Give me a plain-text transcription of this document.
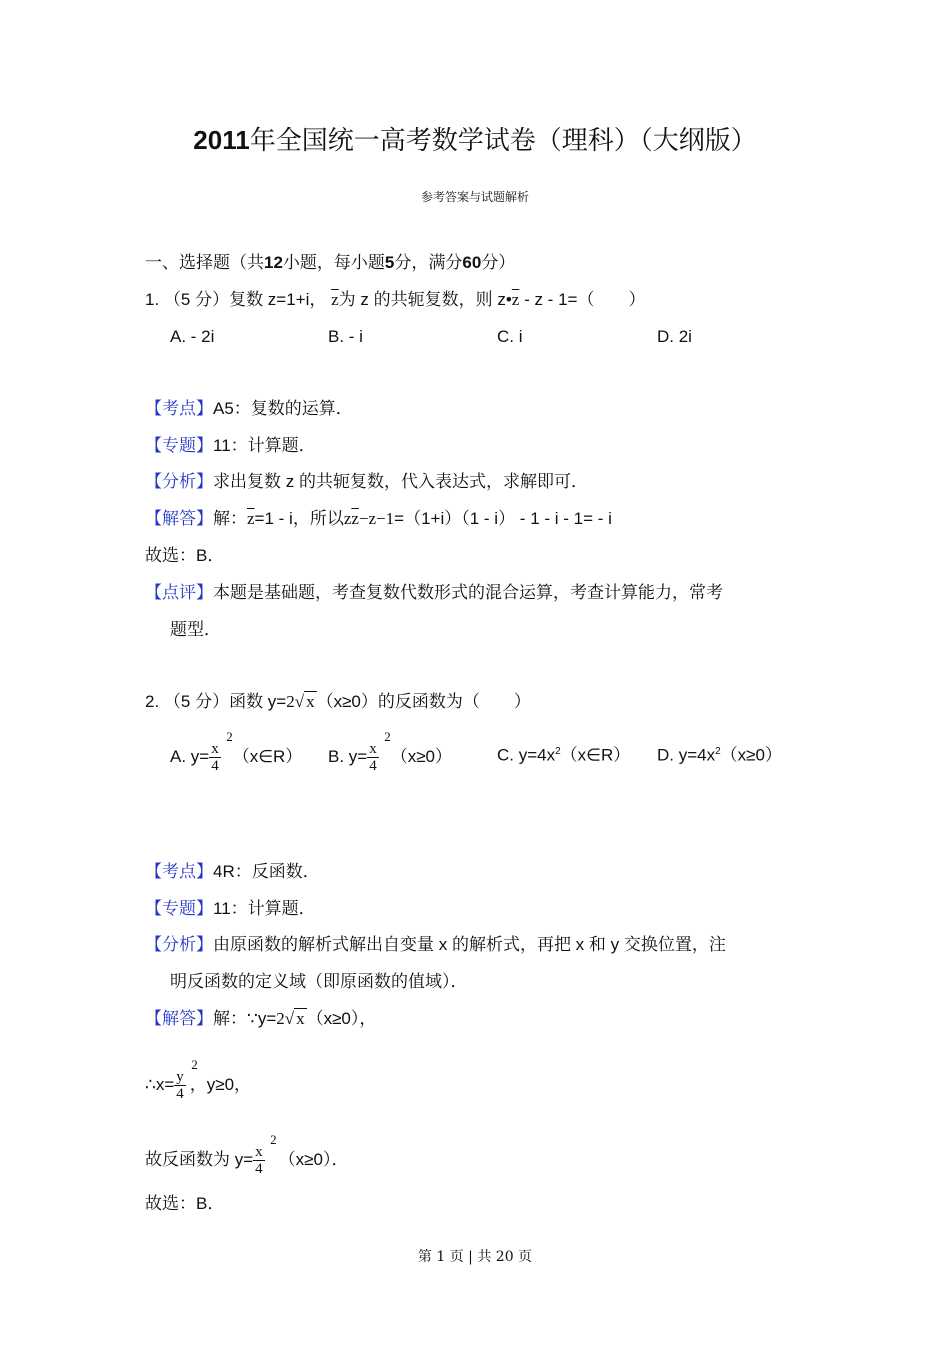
2011年全国统一高考数学试卷（理科）（大纲版）
参考答案与试题解析
一、选择题（共12小题，每小题5分，满分60分）
1. （5 分）复数 z=1+i， $\overline{z}$为 z 的共轭复数，则 $z•\overline{z} - z - 1=$（　　）
A. - 2i	B. - i	C. i	D. 2i
【考点】A5：复数的运算．
【专题】11：计算题．
【分析】求出复数 z 的共轭复数，代入表达式，求解即可．
【解答】解：$\overline{z}=1 - i$，所以$z\overline{z}-z-1=(1+i)(1 - i) - 1 - i - 1= - i$
故选：B．
【点评】本题是基础题，考查复数代数形式的混合运算，考查计算能力，常考
题型．
2. （5 分）函数 y=2√ x （x≥0）的反函数为（　　）
A. y= x
2
4
（x∈R） B. y= x
2
4
（x≥0）	C. $y=4x^2(x\in R)$ D. $y=4x^2(x\ge 0)$
【考点】4R：反函数．
【专题】11：计算题．
【分析】由原函数的解析式解出自变量 x 的解析式，再把 x 和 y 交换位置，注
明反函数的定义域（即原函数的值域）．
【解答】解：∵y=2√ x （x≥0），
∴x= y
2
4
，y≥0，
故反函数为 y= x
2
4
（x≥0）．
故选：B．
第 1 页 | 共 20 页
